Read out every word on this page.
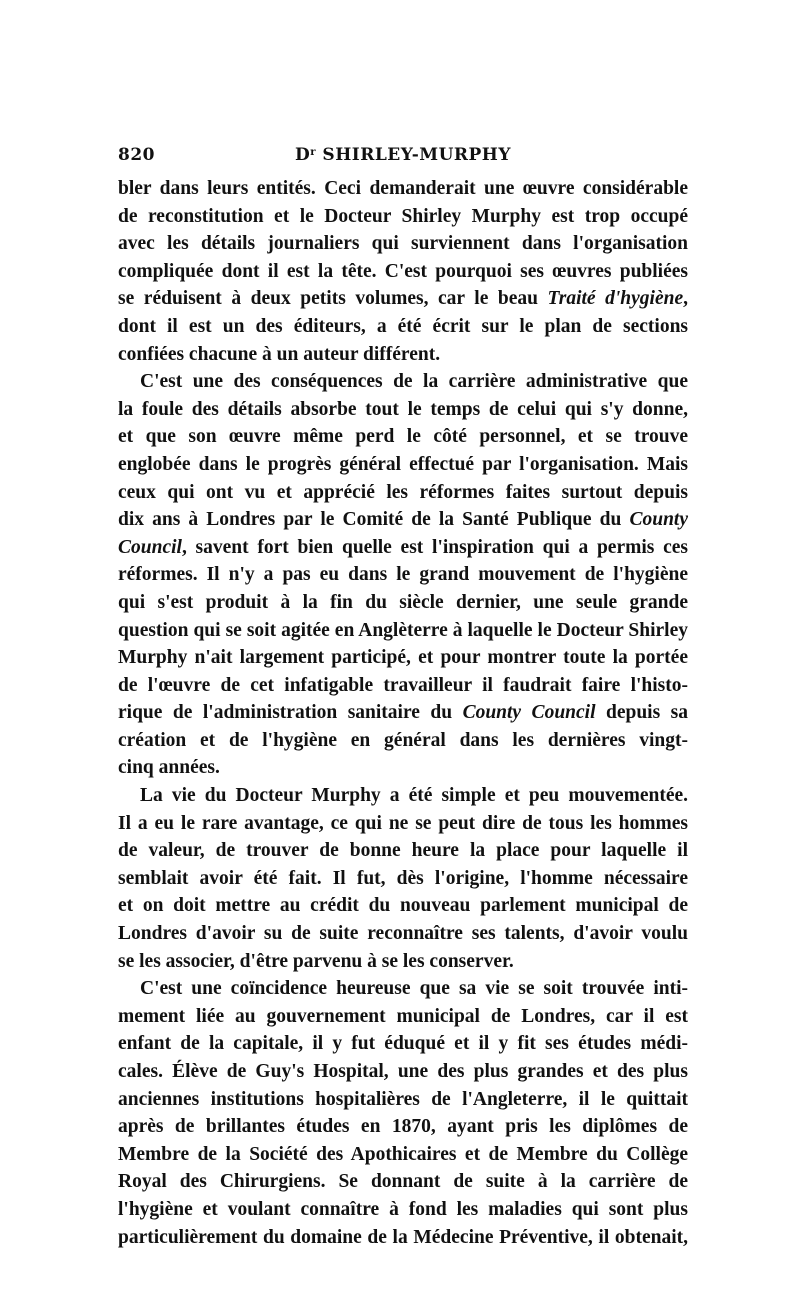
820	$D^r$ SHIRLEY-MURPHY

bler dans leurs entités. Ceci demanderait une œuvre considérable

de reconstitution et le Docteur Shirley Murphy est trop occupé

avec les détails journaliers qui surviennent dans l'organisation

compliquée dont il est la tête. C'est pourquoi ses œuvres publiées

se réduisent à deux petits volumes, car le beau Traité d'hygiène,

dont il est un des éditeurs, a été écrit sur le plan de sections

confiées chacune à un auteur différent.

C'est une des conséquences de la carrière administrative que

la foule des détails absorbe tout le temps de celui qui s'y donne,

et que son œuvre même perd le côté personnel, et se trouve

englobée dans le progrès général effectué par l'organisation. Mais

ceux qui ont vu et apprécié les réformes faites surtout depuis

dix ans à Londres par le Comité de la Santé Publique du County

Council, savent fort bien quelle est l'inspiration qui a permis ces

réformes. Il n'y a pas eu dans le grand mouvement de l'hygiène

qui s'est produit à la fin du siècle dernier, une seule grande

question qui se soit agitée en Anglèterre à laquelle le Docteur Shirley

Murphy n'ait largement participé, et pour montrer toute la portée

de l'œuvre de cet infatigable travailleur il faudrait faire l'histo-

rique de l'administration sanitaire du County Council depuis sa

création et de l'hygiène en général dans les dernières vingt-

cinq années.

La vie du Docteur Murphy a été simple et peu mouvementée.

Il a eu le rare avantage, ce qui ne se peut dire de tous les hommes

de valeur, de trouver de bonne heure la place pour laquelle il

semblait avoir été fait. Il fut, dès l'origine, l'homme nécessaire

et on doit mettre au crédit du nouveau parlement municipal de

Londres d'avoir su de suite reconnaître ses talents, d'avoir voulu

se les associer, d'être parvenu à se les conserver.

C'est une coïncidence heureuse que sa vie se soit trouvée inti-

mement liée au gouvernement municipal de Londres, car il est

enfant de la capitale, il y fut éduqué et il y fit ses études médi-

cales. Élève de Guy's Hospital, une des plus grandes et des plus

anciennes institutions hospitalières de l'Angleterre, il le quittait

après de brillantes études en 1870, ayant pris les diplômes de

Membre de la Société des Apothicaires et de Membre du Collège

Royal des Chirurgiens. Se donnant de suite à la carrière de

l'hygiène et voulant connaître à fond les maladies qui sont plus

particulièrement du domaine de la Médecine Préventive, il obtenait,
